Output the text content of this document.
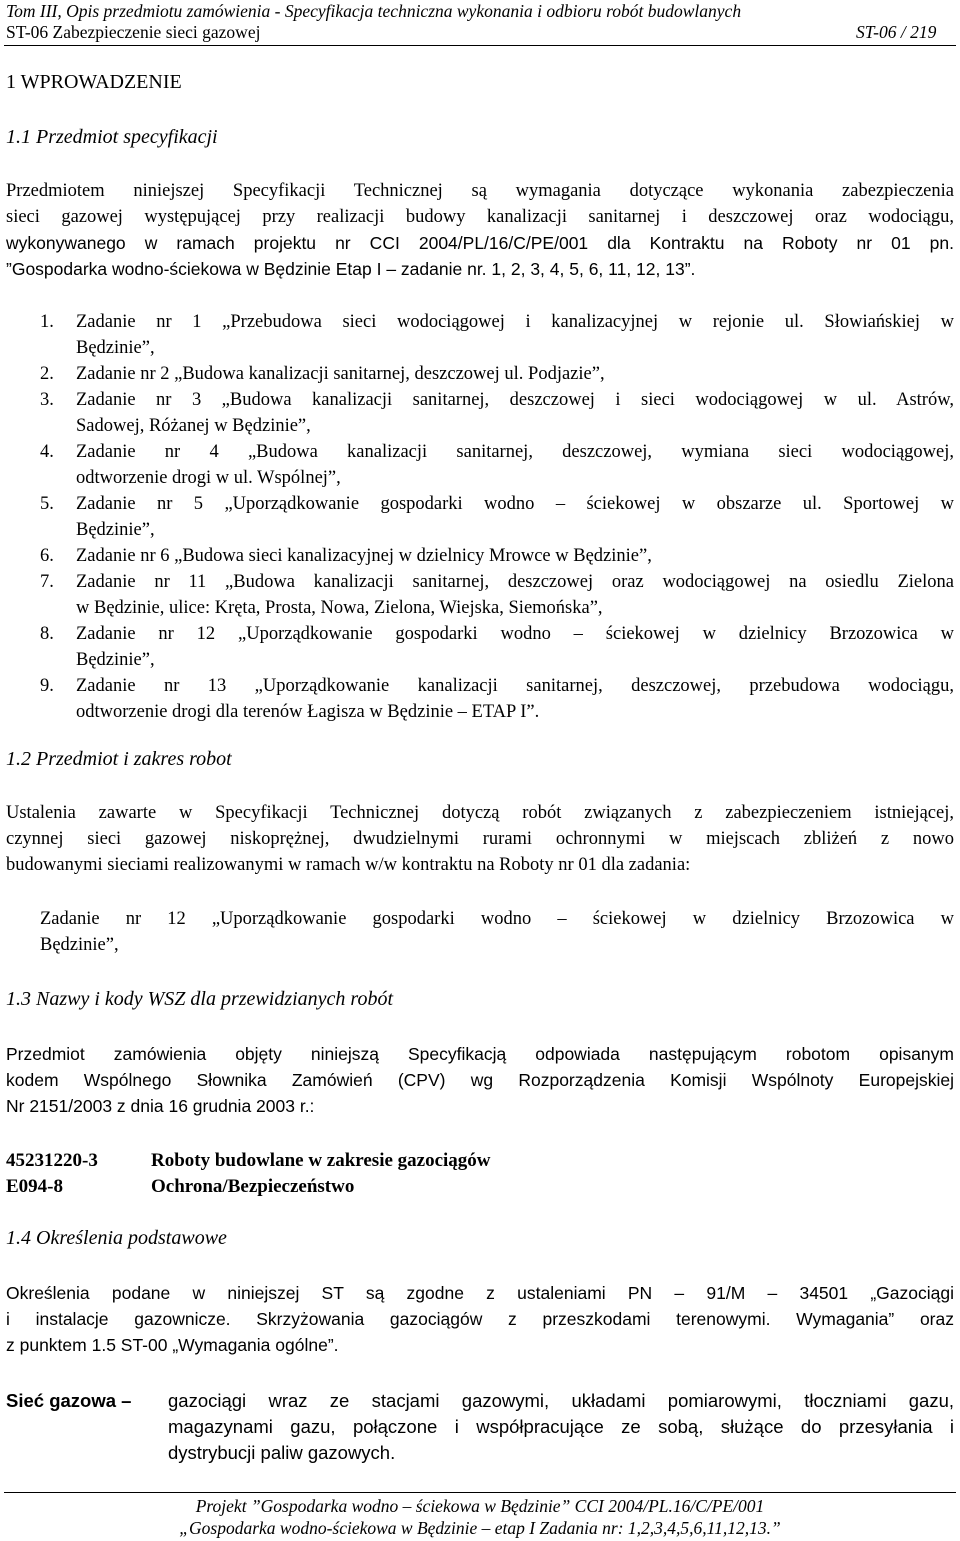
Tom III, Opis przedmiotu zamówienia - Specyfikacja techniczna wykonania i odbioru robót budowlanych
ST-06 Zabezpieczenie sieci gazowej	ST-06 / 219
1 WPROWADZENIE
1.1 Przedmiot specyfikacji
Przedmiotem niniejszej Specyfikacji Technicznej są wymagania dotyczące wykonania zabezpieczenia
sieci gazowej występującej przy realizacji budowy kanalizacji sanitarnej i deszczowej oraz wodociągu,
wykonywanego w ramach projektu nr CCI 2004/PL/16/C/PE/001 dla Kontraktu na Roboty nr 01 pn.
”Gospodarka wodno-ściekowa w Będzinie Etap I – zadanie nr. 1, 2, 3, 4, 5, 6, 11, 12, 13”.
1. Zadanie nr 1 „Przebudowa sieci wodociągowej i kanalizacyjnej w rejonie ul. Słowiańskiej w
Będzinie”,
2. Zadanie nr 2 „Budowa kanalizacji sanitarnej, deszczowej ul. Podjazie”,
3. Zadanie nr 3 „Budowa kanalizacji sanitarnej, deszczowej i sieci wodociągowej w ul. Astrów,
Sadowej, Różanej w Będzinie”,
4. Zadanie nr 4 „Budowa kanalizacji sanitarnej, deszczowej, wymiana sieci wodociągowej,
odtworzenie drogi w ul. Wspólnej”,
5. Zadanie nr 5 „Uporządkowanie gospodarki wodno – ściekowej w obszarze ul. Sportowej w
Będzinie”,
6. Zadanie nr 6 „Budowa sieci kanalizacyjnej w dzielnicy Mrowce w Będzinie”,
7. Zadanie nr 11 „Budowa kanalizacji sanitarnej, deszczowej oraz wodociągowej na osiedlu Zielona
w Będzinie, ulice: Kręta, Prosta, Nowa, Zielona, Wiejska, Siemońska”,
8. Zadanie nr 12 „Uporządkowanie gospodarki wodno – ściekowej w dzielnicy Brzozowica w
Będzinie”,
9. Zadanie nr 13 „Uporządkowanie kanalizacji sanitarnej, deszczowej, przebudowa wodociągu,
odtworzenie drogi dla terenów Łagisza w Będzinie – ETAP I”.
1.2 Przedmiot i zakres robot
Ustalenia zawarte w Specyfikacji Technicznej dotyczą robót związanych z zabezpieczeniem istniejącej,
czynnej sieci gazowej niskoprężnej, dwudzielnymi rurami ochronnymi w miejscach zbliżeń z nowo
budowanymi sieciami realizowanymi w ramach w/w kontraktu na Roboty nr 01 dla zadania:
Zadanie nr 12 „Uporządkowanie gospodarki wodno – ściekowej w dzielnicy Brzozowica w
Będzinie”,
1.3 Nazwy i kody WSZ dla przewidzianych robót
Przedmiot zamówienia objęty niniejszą Specyfikacją odpowiada następującym robotom opisanym
kodem Wspólnego Słownika Zamówień (CPV) wg Rozporządzenia Komisji Wspólnoty Europejskiej
Nr 2151/2003 z dnia 16 grudnia 2003 r.:
45231220-3	Roboty budowlane w zakresie gazociągów
E094-8	Ochrona/Bezpieczeństwo
1.4 Określenia podstawowe
Określenia podane w niniejszej ST są zgodne z ustaleniami PN – 91/M – 34501 „Gazociągi
i instalacje gazownicze. Skrzyżowania gazociągów z przeszkodami terenowymi. Wymagania” oraz
z punktem 1.5 ST-00 „Wymagania ogólne”.
Sieć gazowa – gazociągi wraz ze stacjami gazowymi, układami pomiarowymi, tłoczniami gazu,
magazynami gazu, połączone i współpracujące ze sobą, służące do przesyłania i
dystrybucji paliw gazowych.
Projekt ”Gospodarka wodno – ściekowa w Będzinie” CCI 2004/PL.16/C/PE/001
„Gospodarka wodno-ściekowa w Będzinie – etap I Zadania nr: 1,2,3,4,5,6,11,12,13.”
